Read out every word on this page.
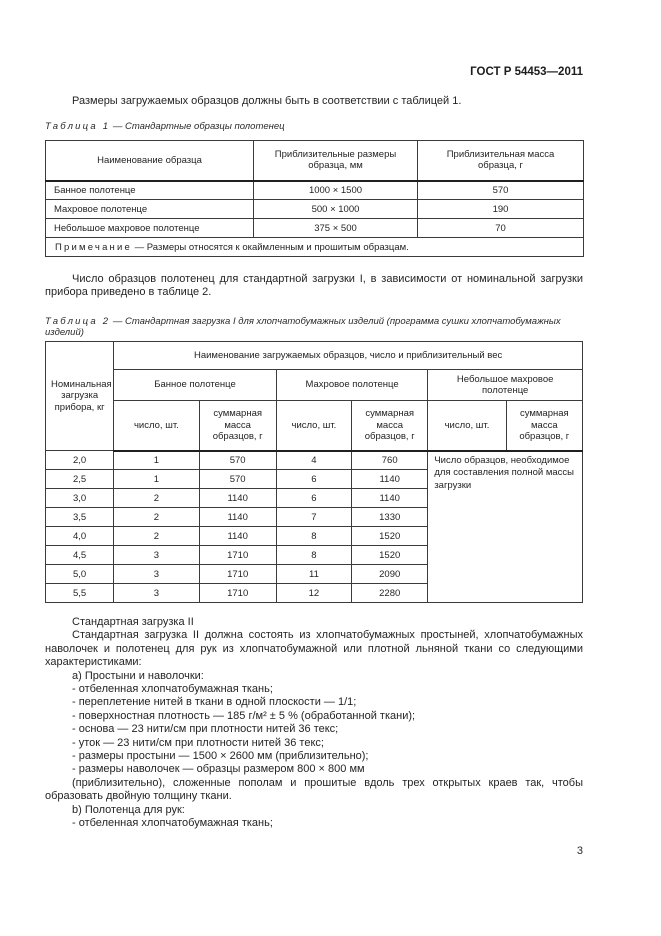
ГОСТ Р 54453—2011

Размеры загружаемых образцов должны быть в соответствии с таблицей 1.

Таблица 1 — Стандартные образцы полотенец
Наименование образца	Приблизительные размеры образца, мм	Приблизительная масса образца, г
Банное полотенце	1000 × 1500	570
Махровое полотенце	500 × 1000	190
Небольшое махровое полотенце	375 × 500	70
Примечание — Размеры относятся к окаймленным и прошитым образцам.		

Число образцов полотенец для стандартной загрузки I, в зависимости от номинальной загрузки прибора приведено в таблице 2.

Таблица 2 — Стандартная загрузка I для хлопчатобумажных изделий (программа сушки хлопчатобумажных изделий)
Номинальная загрузка прибора, кг	Наименование загружаемых образцов, число и приблизительный вес					
	Банное полотенце		Махровое полотенце		Небольшое махровое полотенце	
	число, шт.	суммарная масса образцов, г	число, шт.	суммарная масса образцов, г	число, шт.	суммарная масса образцов, г
2,0	1	570	4	760	Число образцов, необходимое для составления полной массы загрузки	
2,5	1	570	6	1140		
3,0	2	1140	6	1140		
3,5	2	1140	7	1330		
4,0	2	1140	8	1520		
4,5	3	1710	8	1520		
5,0	3	1710	11	2090		
5,5	3	1710	12	2280		
Стандартная загрузка II

Стандартная загрузка II должна состоять из хлопчатобумажных простыней, хлопчатобумажных наволочек и полотенец для рук из хлопчатобумажной или плотной льняной ткани со следующими характеристиками:

а) Простыни и наволочки:
- отбеленная хлопчатобумажная ткань;
- переплетение нитей в ткани в одной плоскости — 1/1;
- поверхностная плотность — 185 г/м² ± 5 % (обработанной ткани);
- основа — 23 нити/см при плотности нитей 36 текс;
- уток — 23 нити/см при плотности нитей 36 текс;
- размеры простыни — 1500 × 2600 мм (приблизительно);
- размеры наволочек — образцы размером 800 × 800 мм

(приблизительно), сложенные пополам и прошитые вдоль трех открытых краев так, чтобы образовать двойную толщину ткани.

b) Полотенца для рук:
- отбеленная хлопчатобумажная ткань;
3
